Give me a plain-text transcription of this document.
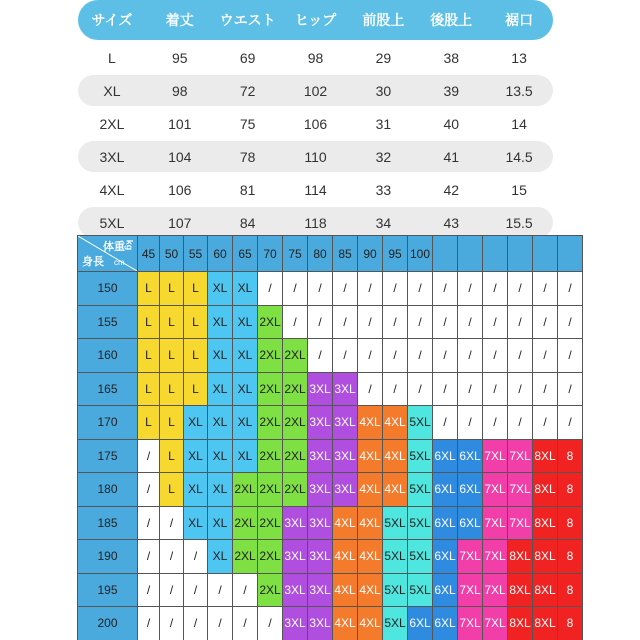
サイズ	着丈	ウエスト	ヒップ	前股上	後股上	裾口
L	95	69	98	29	38	13
XL	98	72	102	30	39	13.5
2XL	101	75	106	31	40	14
3XL	104	78	110	32	41	14.5
4XL	106	81	114	33	42	15
5XL	107	84	118	34	43	15.5
体重 kg
身長 cm	45	50	55	60	65	70	75	80	85	90	95	100						
150	L	L	L	XL	XL	/	/	/	/	/	/	/	/	/	/	/	/	/
155	L	L	L	XL	XL	2XL	/	/	/	/	/	/	/	/	/	/	/	/
160	L	L	L	XL	XL	2XL	2XL	/	/	/	/	/	/	/	/	/	/	/
165	L	L	L	XL	XL	2XL	2XL	3XL	3XL	/	/	/	/	/	/	/	/	/
170	L	L	XL	XL	XL	2XL	2XL	3XL	3XL	4XL	4XL	5XL	/	/	/	/	/	/
175	/	L	XL	XL	XL	2XL	2XL	3XL	3XL	4XL	4XL	5XL	6XL	6XL	7XL	7XL	8XL	8
180	/	L	XL	XL	2XL	2XL	2XL	3XL	3XL	4XL	4XL	5XL	6XL	6XL	7XL	7XL	8XL	8
185	/	/	XL	XL	2XL	2XL	3XL	3XL	4XL	4XL	5XL	5XL	6XL	6XL	7XL	7XL	8XL	8
190	/	/	/	XL	2XL	2XL	3XL	3XL	4XL	4XL	5XL	5XL	6XL	7XL	7XL	8XL	8XL	8
195	/	/	/	/	/	2XL	3XL	3XL	4XL	4XL	5XL	5XL	6XL	7XL	7XL	8XL	8XL	8
200	/	/	/	/	/	/	3XL	3XL	4XL	4XL	5XL	6XL	6XL	7XL	7XL	8XL	8XL	8
